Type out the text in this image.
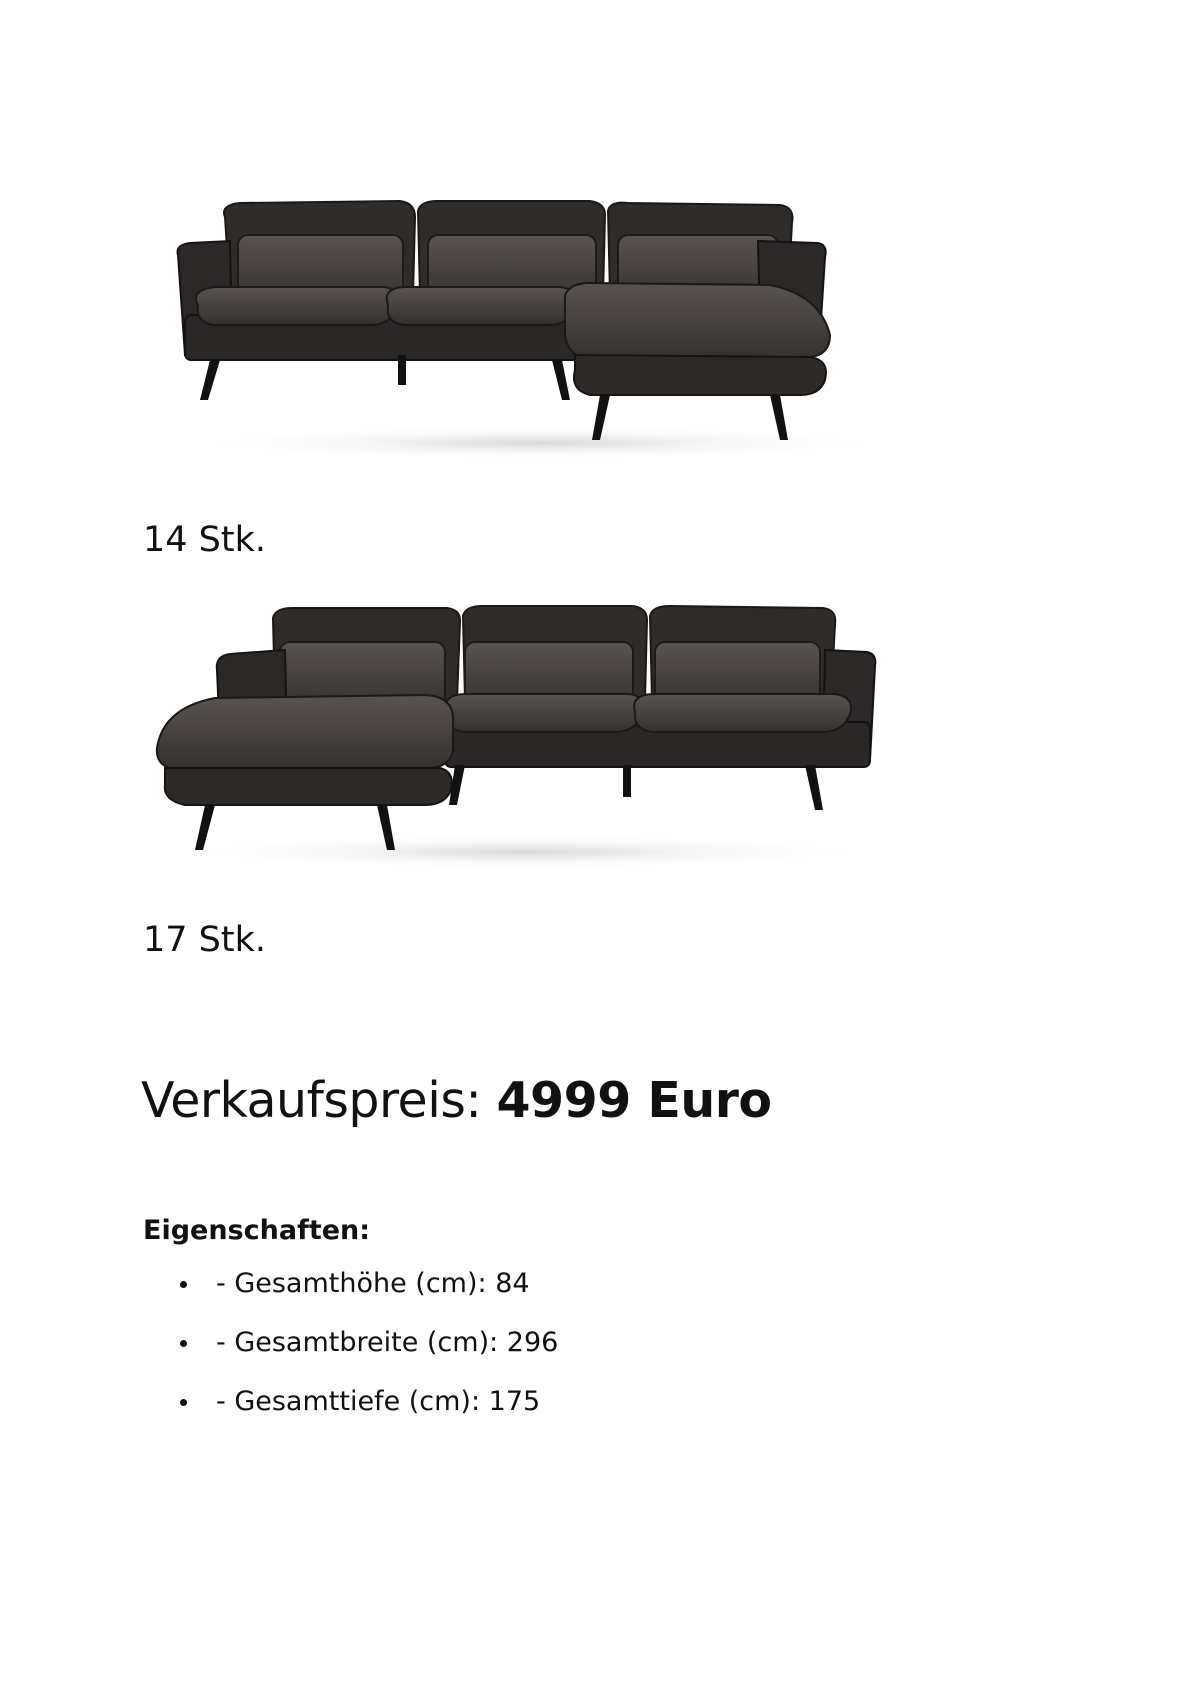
14 Stk.

17 Stk.

Verkaufspreis: 4999 Euro
Eigenschaften:
- Gesamthöhe (cm): 84
- Gesamtbreite (cm): 296
- Gesamttiefe (cm): 175
